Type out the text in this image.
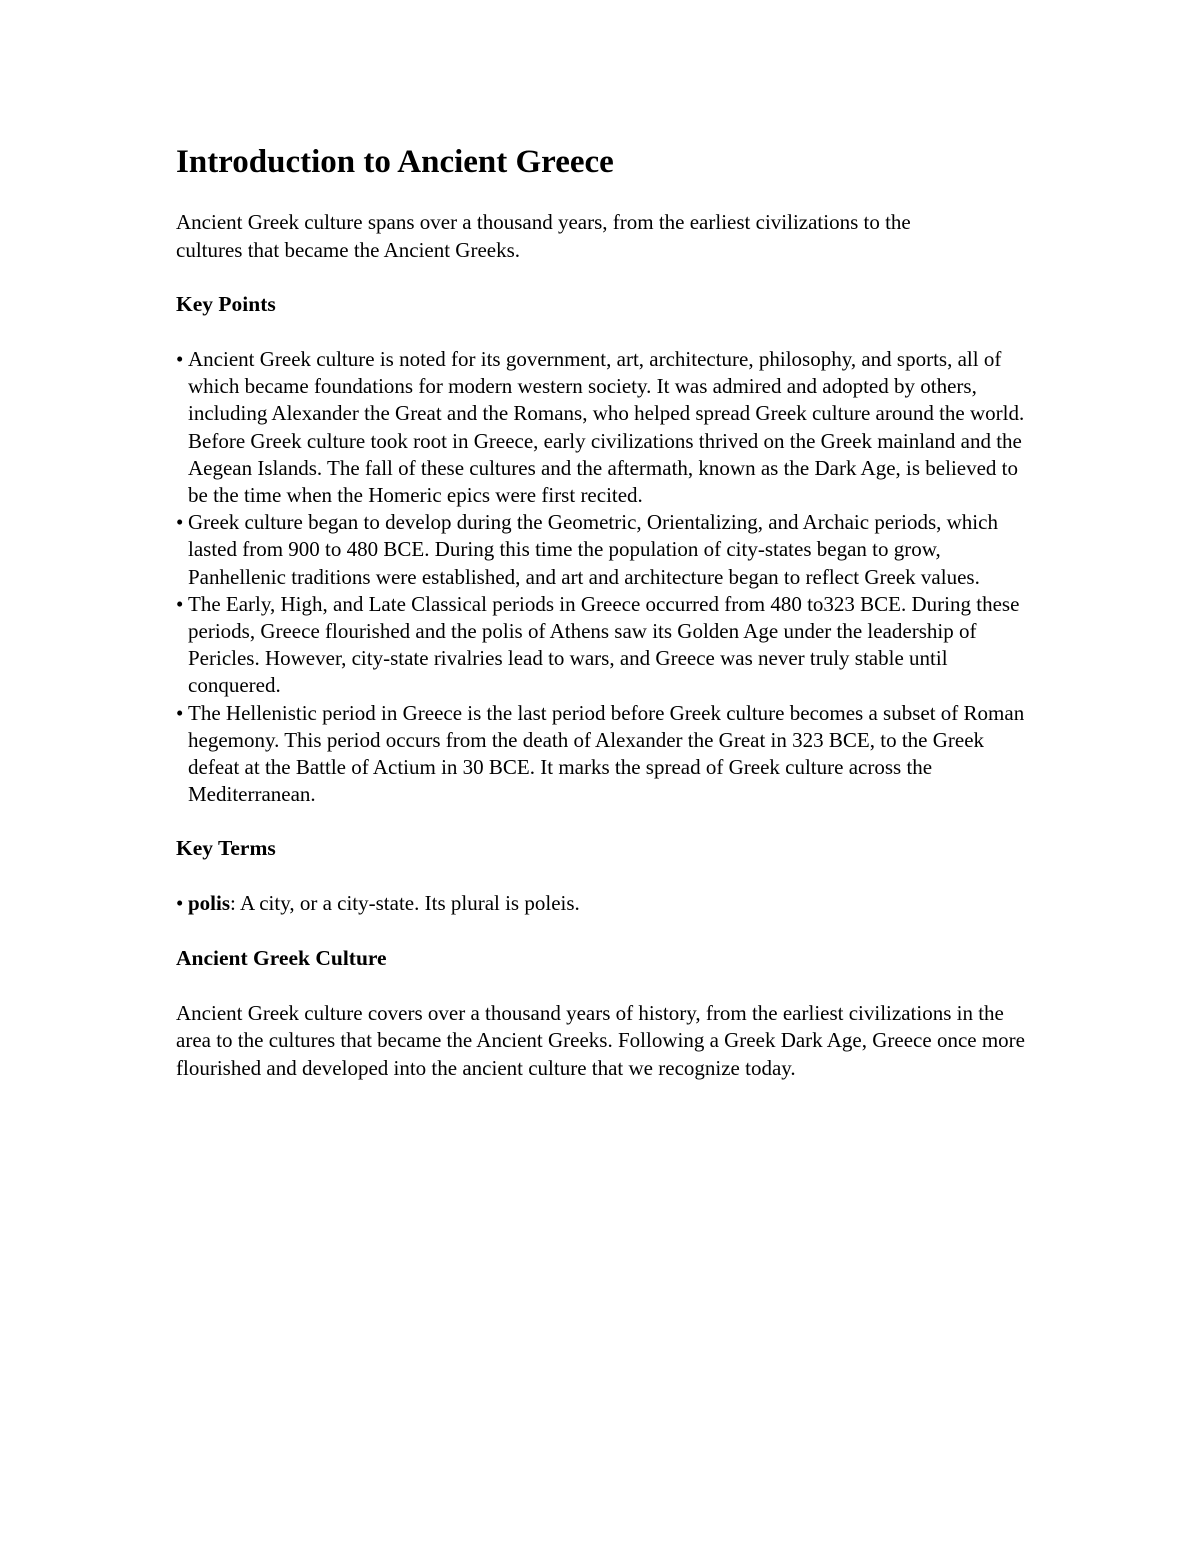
Introduction to Ancient Greece

Ancient Greek culture spans over a thousand years, from the earliest civilizations to the cultures that became the Ancient Greeks.

Key Points
• Ancient Greek culture is noted for its government, art, architecture, philosophy, and sports, all of which became foundations for modern western society. It was admired and adopted by others, including Alexander the Great and the Romans, who helped spread Greek culture around the world. Before Greek culture took root in Greece, early civilizations thrived on the Greek mainland and the Aegean Islands. The fall of these cultures and the aftermath, known as the Dark Age, is believed to be the time when the Homeric epics were first recited.
• Greek culture began to develop during the Geometric, Orientalizing, and Archaic periods, which lasted from 900 to 480 BCE. During this time the population of city-states began to grow, Panhellenic traditions were established, and art and architecture began to reflect Greek values.
• The Early, High, and Late Classical periods in Greece occurred from 480 to323 BCE. During these periods, Greece flourished and the polis of Athens saw its Golden Age under the leadership of Pericles. However, city-state rivalries lead to wars, and Greece was never truly stable until conquered.
• The Hellenistic period in Greece is the last period before Greek culture becomes a subset of Roman hegemony. This period occurs from the death of Alexander the Great in 323 BCE, to the Greek defeat at the Battle of Actium in 30 BCE. It marks the spread of Greek culture across the Mediterranean.
Key Terms
• polis: A city, or a city-state. Its plural is poleis.
Ancient Greek Culture

Ancient Greek culture covers over a thousand years of history, from the earliest civilizations in the area to the cultures that became the Ancient Greeks. Following a Greek Dark Age, Greece once more flourished and developed into the ancient culture that we recognize today.
